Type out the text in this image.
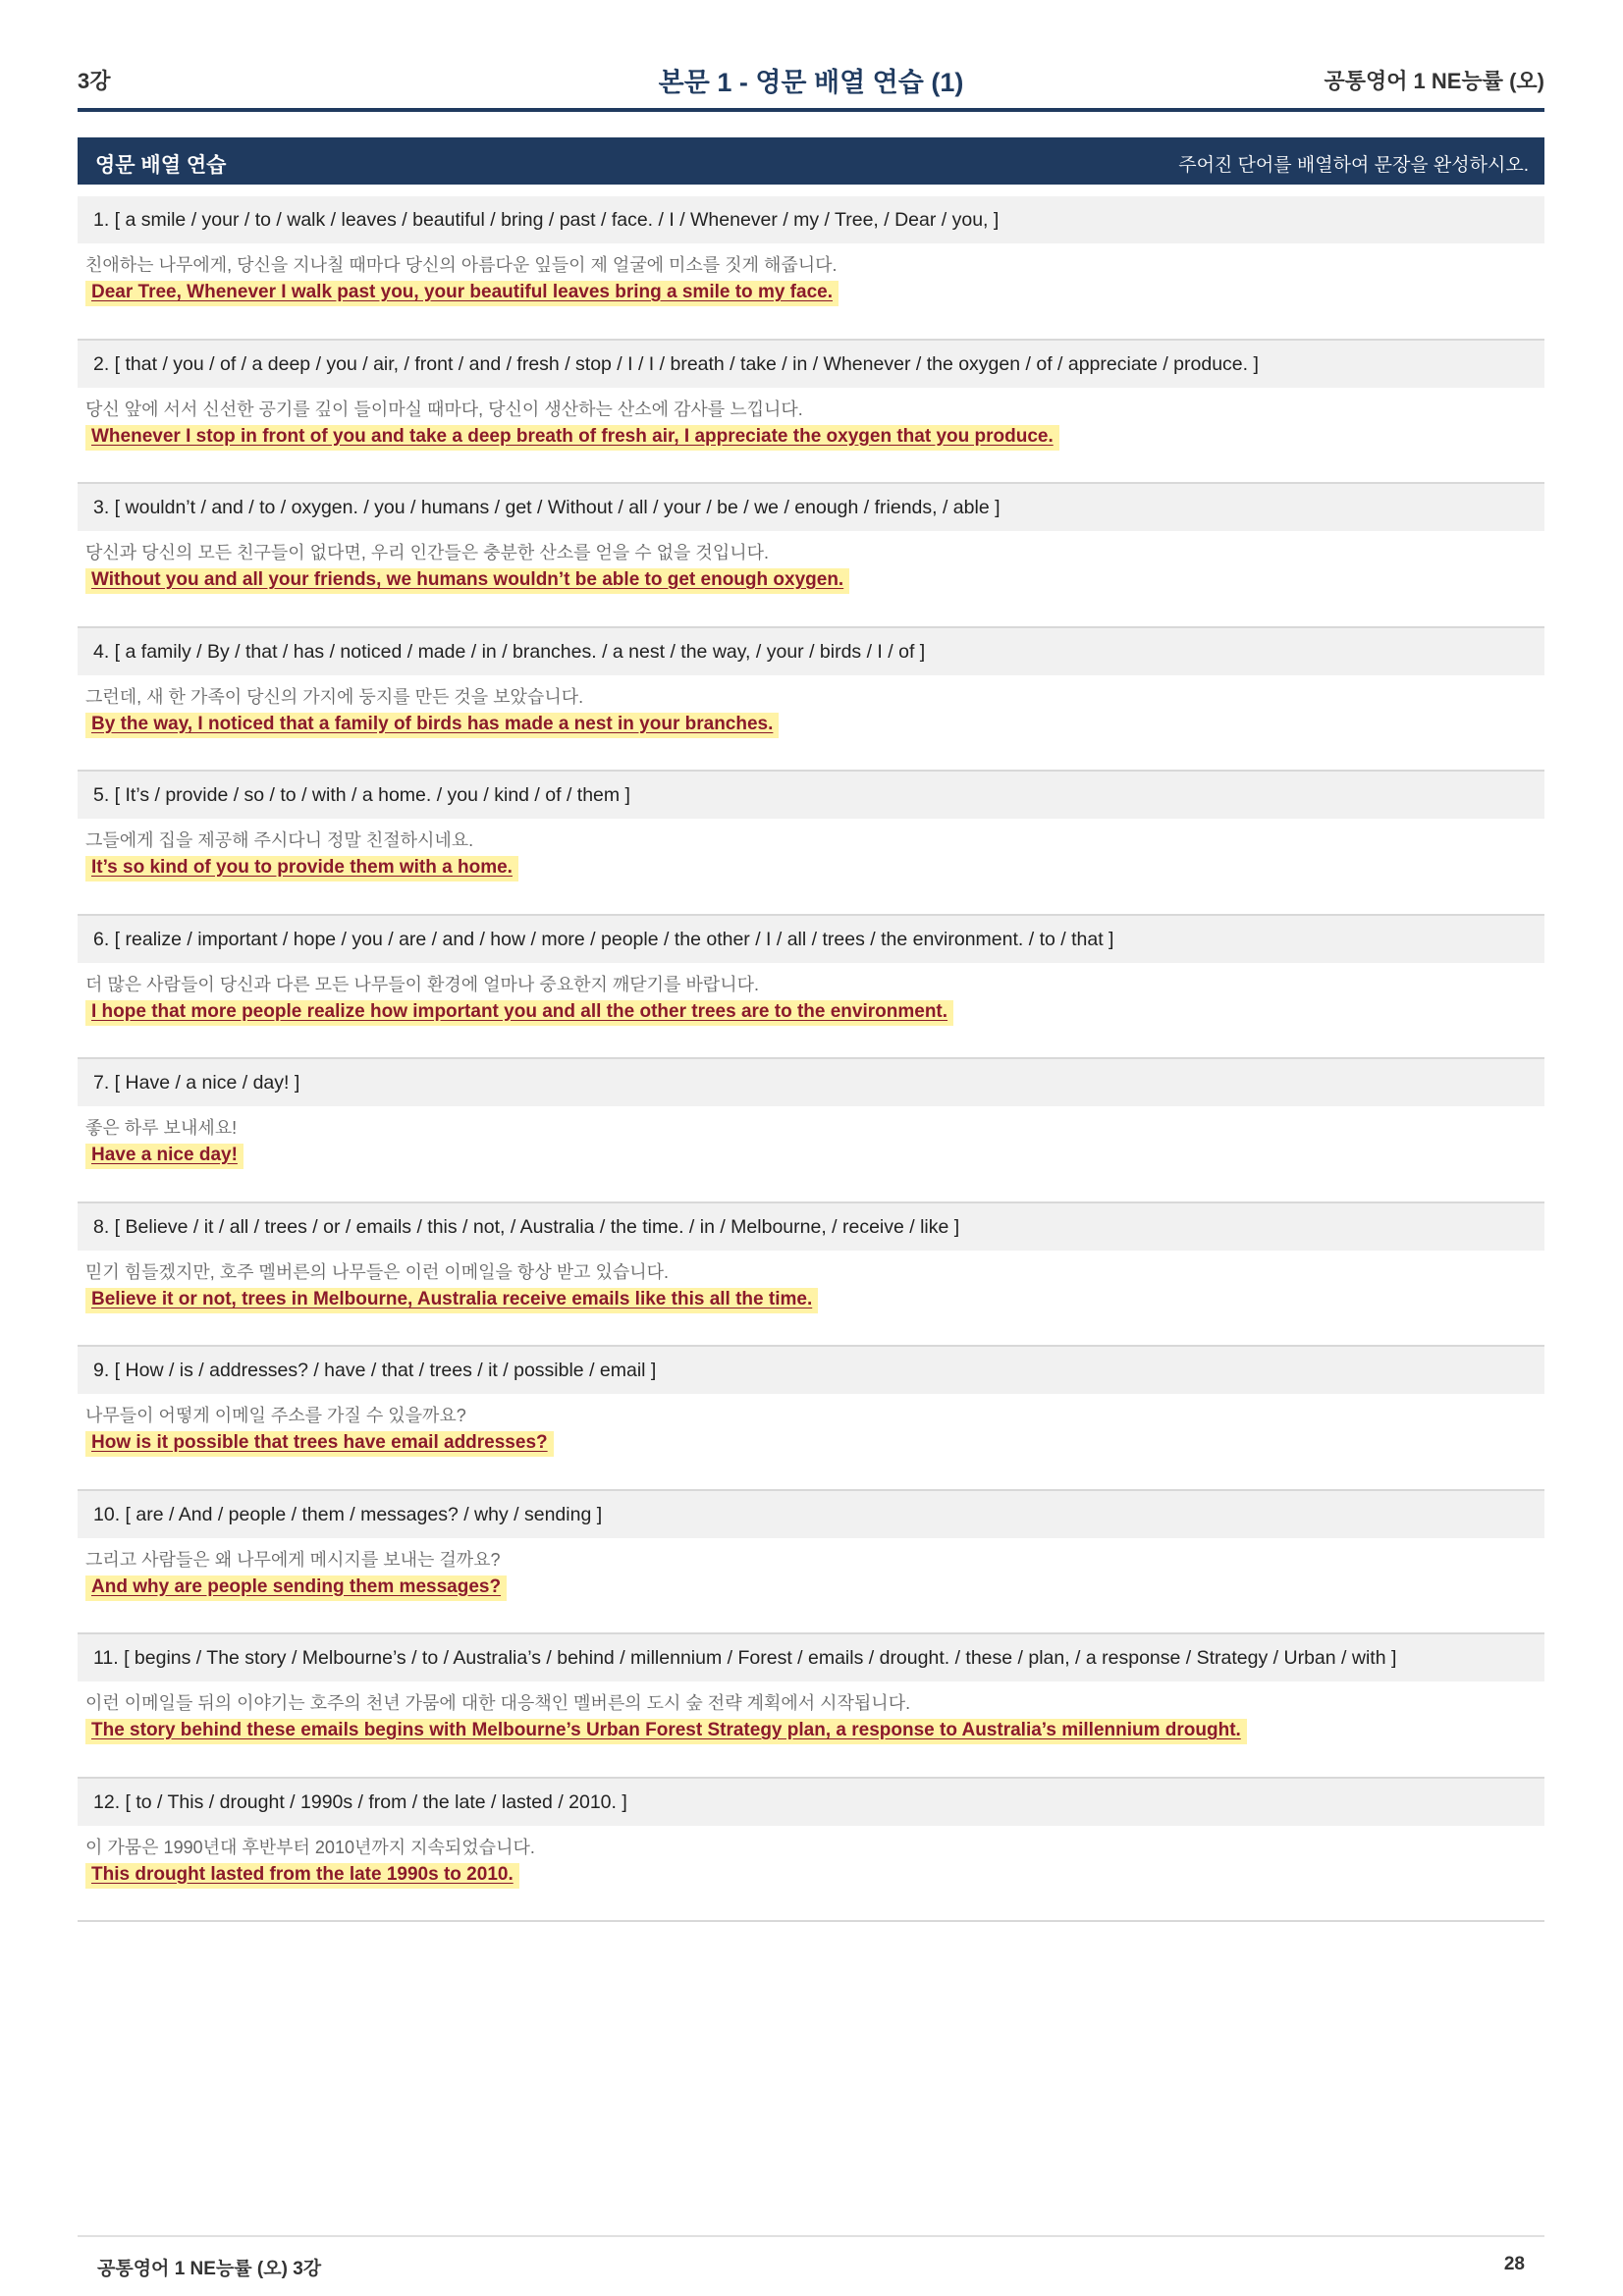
3강	본문 1 - 영문 배열 연습 (1)	공통영어 1 NE능률 (오)
영문 배열 연습	주어진 단어를 배열하여 문장을 완성하시오.
1. [ a smile / your / to / walk / leaves / beautiful / bring / past / face. / I / Whenever / my / Tree, / Dear / you, ]
친애하는 나무에게, 당신을 지나칠 때마다 당신의 아름다운 잎들이 제 얼굴에 미소를 짓게 해줍니다.
Dear Tree, Whenever I walk past you, your beautiful leaves bring a smile to my face.
2. [ that / you / of / a deep / you / air, / front / and / fresh / stop / I / I / breath / take / in / Whenever / the oxygen / of / appreciate / produce. ]
당신 앞에 서서 신선한 공기를 깊이 들이마실 때마다, 당신이 생산하는 산소에 감사를 느낍니다.
Whenever I stop in front of you and take a deep breath of fresh air, I appreciate the oxygen that you produce.
3. [ wouldn’t / and / to / oxygen. / you / humans / get / Without / all / your / be / we / enough / friends, / able ]
당신과 당신의 모든 친구들이 없다면, 우리 인간들은 충분한 산소를 얻을 수 없을 것입니다.
Without you and all your friends, we humans wouldn’t be able to get enough oxygen.
4. [ a family / By / that / has / noticed / made / in / branches. / a nest / the way, / your / birds / I / of ]
그런데, 새 한 가족이 당신의 가지에 둥지를 만든 것을 보았습니다.
By the way, I noticed that a family of birds has made a nest in your branches.
5. [ It’s / provide / so / to / with / a home. / you / kind / of / them ]
그들에게 집을 제공해 주시다니 정말 친절하시네요.
It’s so kind of you to provide them with a home.
6. [ realize / important / hope / you / are / and / how / more / people / the other / I / all / trees / the environment. / to / that ]
더 많은 사람들이 당신과 다른 모든 나무들이 환경에 얼마나 중요한지 깨닫기를 바랍니다.
I hope that more people realize how important you and all the other trees are to the environment.
7. [ Have / a nice / day! ]
좋은 하루 보내세요!
Have a nice day!
8. [ Believe / it / all / trees / or / emails / this / not, / Australia / the time. / in / Melbourne, / receive / like ]
믿기 힘들겠지만, 호주 멜버른의 나무들은 이런 이메일을 항상 받고 있습니다.
Believe it or not, trees in Melbourne, Australia receive emails like this all the time.
9. [ How / is / addresses? / have / that / trees / it / possible / email ]
나무들이 어떻게 이메일 주소를 가질 수 있을까요?
How is it possible that trees have email addresses?
10. [ are / And / people / them / messages? / why / sending ]
그리고 사람들은 왜 나무에게 메시지를 보내는 걸까요?
And why are people sending them messages?
11. [ begins / The story / Melbourne’s / to / Australia’s / behind / millennium / Forest / emails / drought. / these / plan, / a response / Strategy / Urban / with ]
이런 이메일들 뒤의 이야기는 호주의 천년 가뭄에 대한 대응책인 멜버른의 도시 숲 전략 계획에서 시작됩니다.
The story behind these emails begins with Melbourne’s Urban Forest Strategy plan, a response to Australia’s millennium drought.
12. [ to / This / drought / 1990s / from / the late / lasted / 2010. ]
이 가뭄은 1990년대 후반부터 2010년까지 지속되었습니다.
This drought lasted from the late 1990s to 2010.
공통영어 1 NE능률 (오) 3강	28
